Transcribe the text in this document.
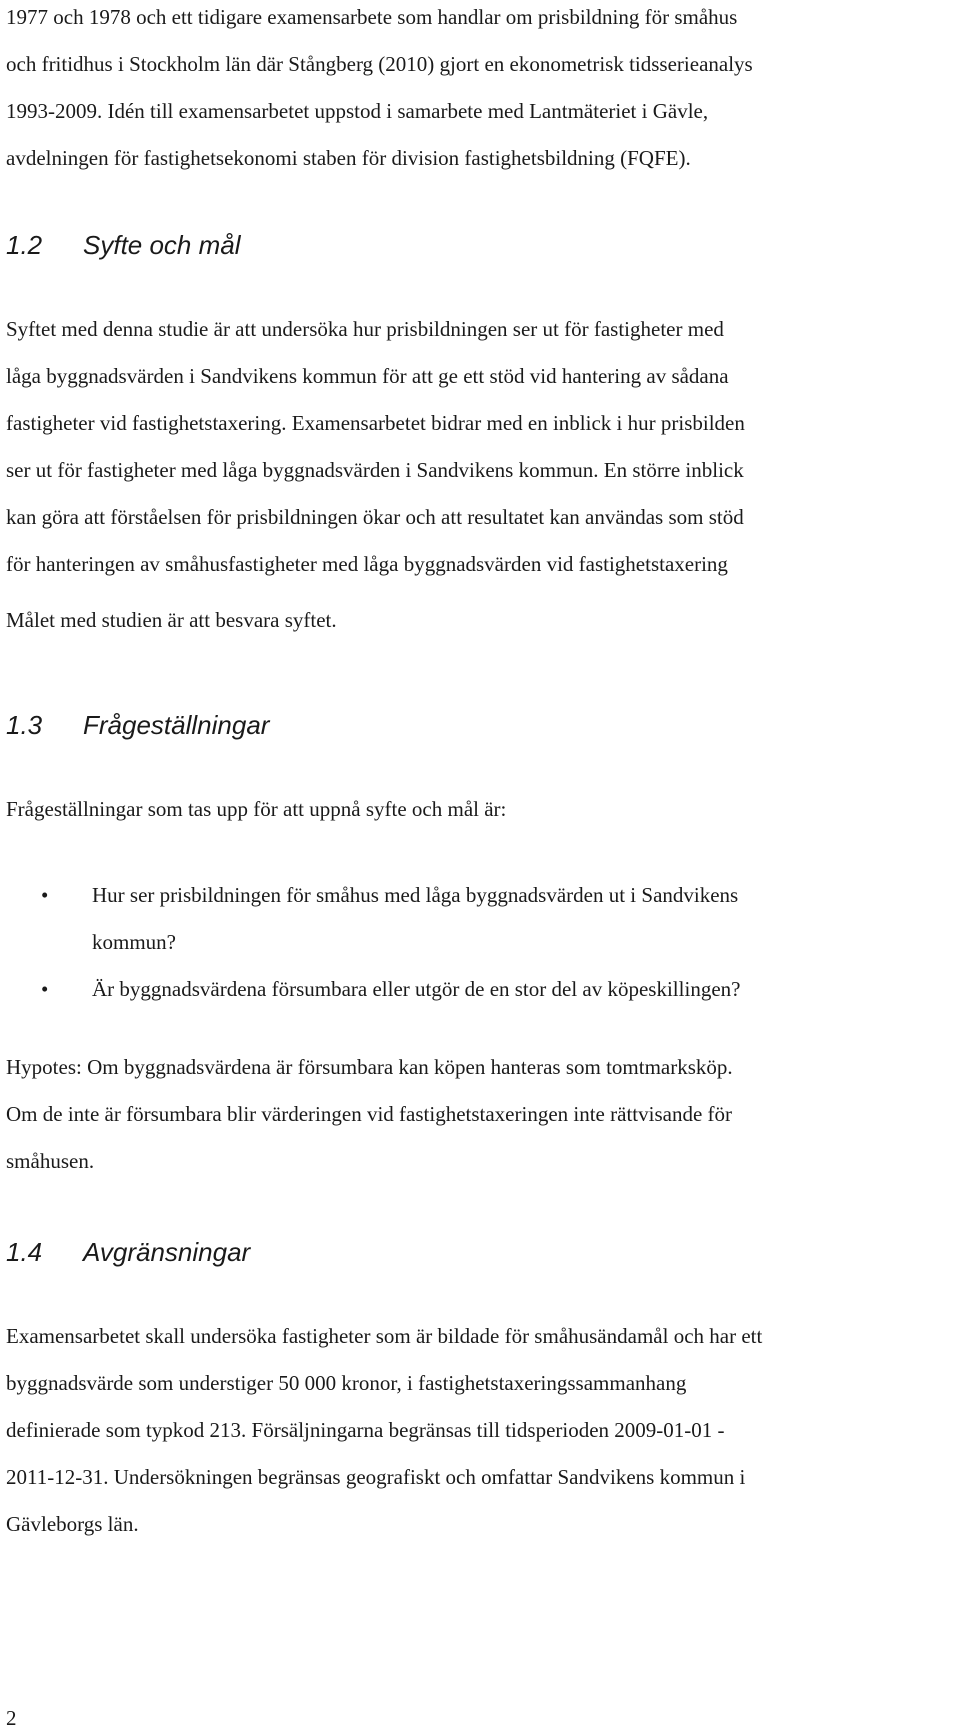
1977 och 1978 och ett tidigare examensarbete som handlar om prisbildning för småhus
och fritidhus i Stockholm län där Stångberg (2010) gjort en ekonometrisk tidsserieanalys
1993-2009. Idén till examensarbetet uppstod i samarbete med Lantmäteriet i Gävle,
avdelningen för fastighetsekonomi staben för division fastighetsbildning (FQFE).

1.2 Syfte och mål

Syftet med denna studie är att undersöka hur prisbildningen ser ut för fastigheter med
låga byggnadsvärden i Sandvikens kommun för att ge ett stöd vid hantering av sådana
fastigheter vid fastighetstaxering. Examensarbetet bidrar med en inblick i hur prisbilden
ser ut för fastigheter med låga byggnadsvärden i Sandvikens kommun. En större inblick
kan göra att förståelsen för prisbildningen ökar och att resultatet kan användas som stöd
för hanteringen av småhusfastigheter med låga byggnadsvärden vid fastighetstaxering

Målet med studien är att besvara syftet.

1.3 Frågeställningar

Frågeställningar som tas upp för att uppnå syfte och mål är:

• Hur ser prisbildningen för småhus med låga byggnadsvärden ut i Sandvikens
kommun?
• Är byggnadsvärdena försumbara eller utgör de en stor del av köpeskillingen?

Hypotes: Om byggnadsvärdena är försumbara kan köpen hanteras som tomtmarksköp.
Om de inte är försumbara blir värderingen vid fastighetstaxeringen inte rättvisande för
småhusen.

1.4 Avgränsningar

Examensarbetet skall undersöka fastigheter som är bildade för småhusändamål och har ett
byggnadsvärde som understiger 50 000 kronor, i fastighetstaxeringssammanhang
definierade som typkod 213. Försäljningarna begränsas till tidsperioden 2009-01-01 -
2011-12-31. Undersökningen begränsas geografiskt och omfattar Sandvikens kommun i
Gävleborgs län.

2
